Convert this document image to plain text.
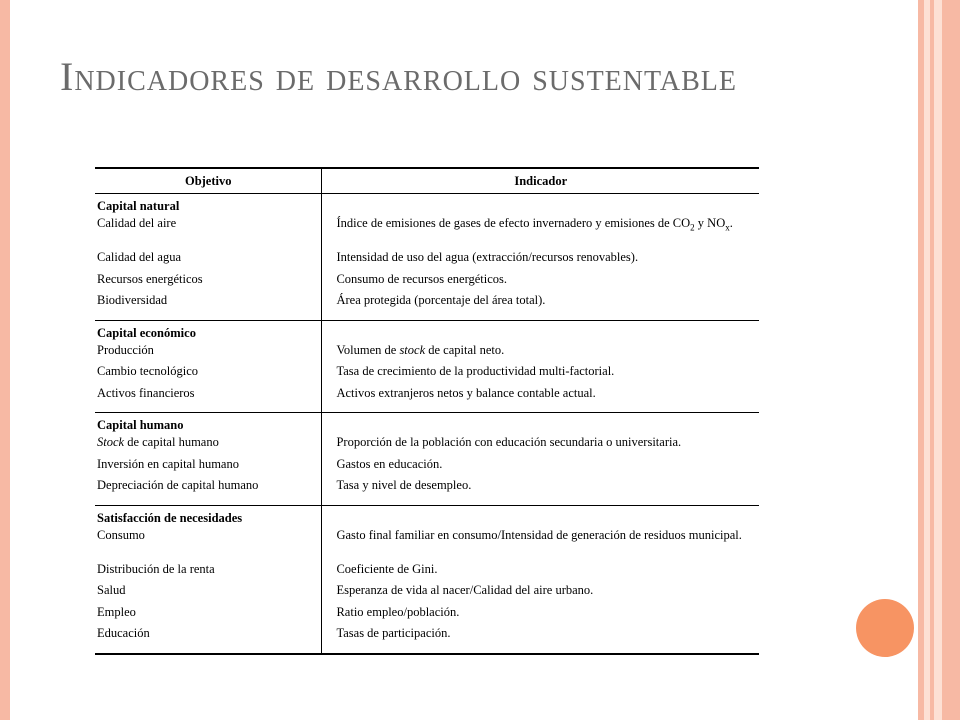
Indicadores de desarrollo sustentable
Objetivo	Indicador
Capital natural	
Calidad del aire	Índice de emisiones de gases de efecto invernadero y emisiones de $CO_2$ y $NO_x$.
Calidad del agua	Intensidad de uso del agua (extracción/recursos renovables).
Recursos energéticos	Consumo de recursos energéticos.
Biodiversidad	Área protegida (porcentaje del área total).
Capital económico	
Producción	Volumen de stock de capital neto.
Cambio tecnológico	Tasa de crecimiento de la productividad multi-factorial.
Activos financieros	Activos extranjeros netos y balance contable actual.
Capital humano	
Stock de capital humano	Proporción de la población con educación secundaria o universitaria.
Inversión en capital humano	Gastos en educación.
Depreciación de capital humano	Tasa y nivel de desempleo.
Satisfacción de necesidades	
Consumo	Gasto final familiar en consumo/Intensidad de generación de residuos municipal.
Distribución de la renta	Coeficiente de Gini.
Salud	Esperanza de vida al nacer/Calidad del aire urbano.
Empleo	Ratio empleo/población.
Educación	Tasas de participación.
